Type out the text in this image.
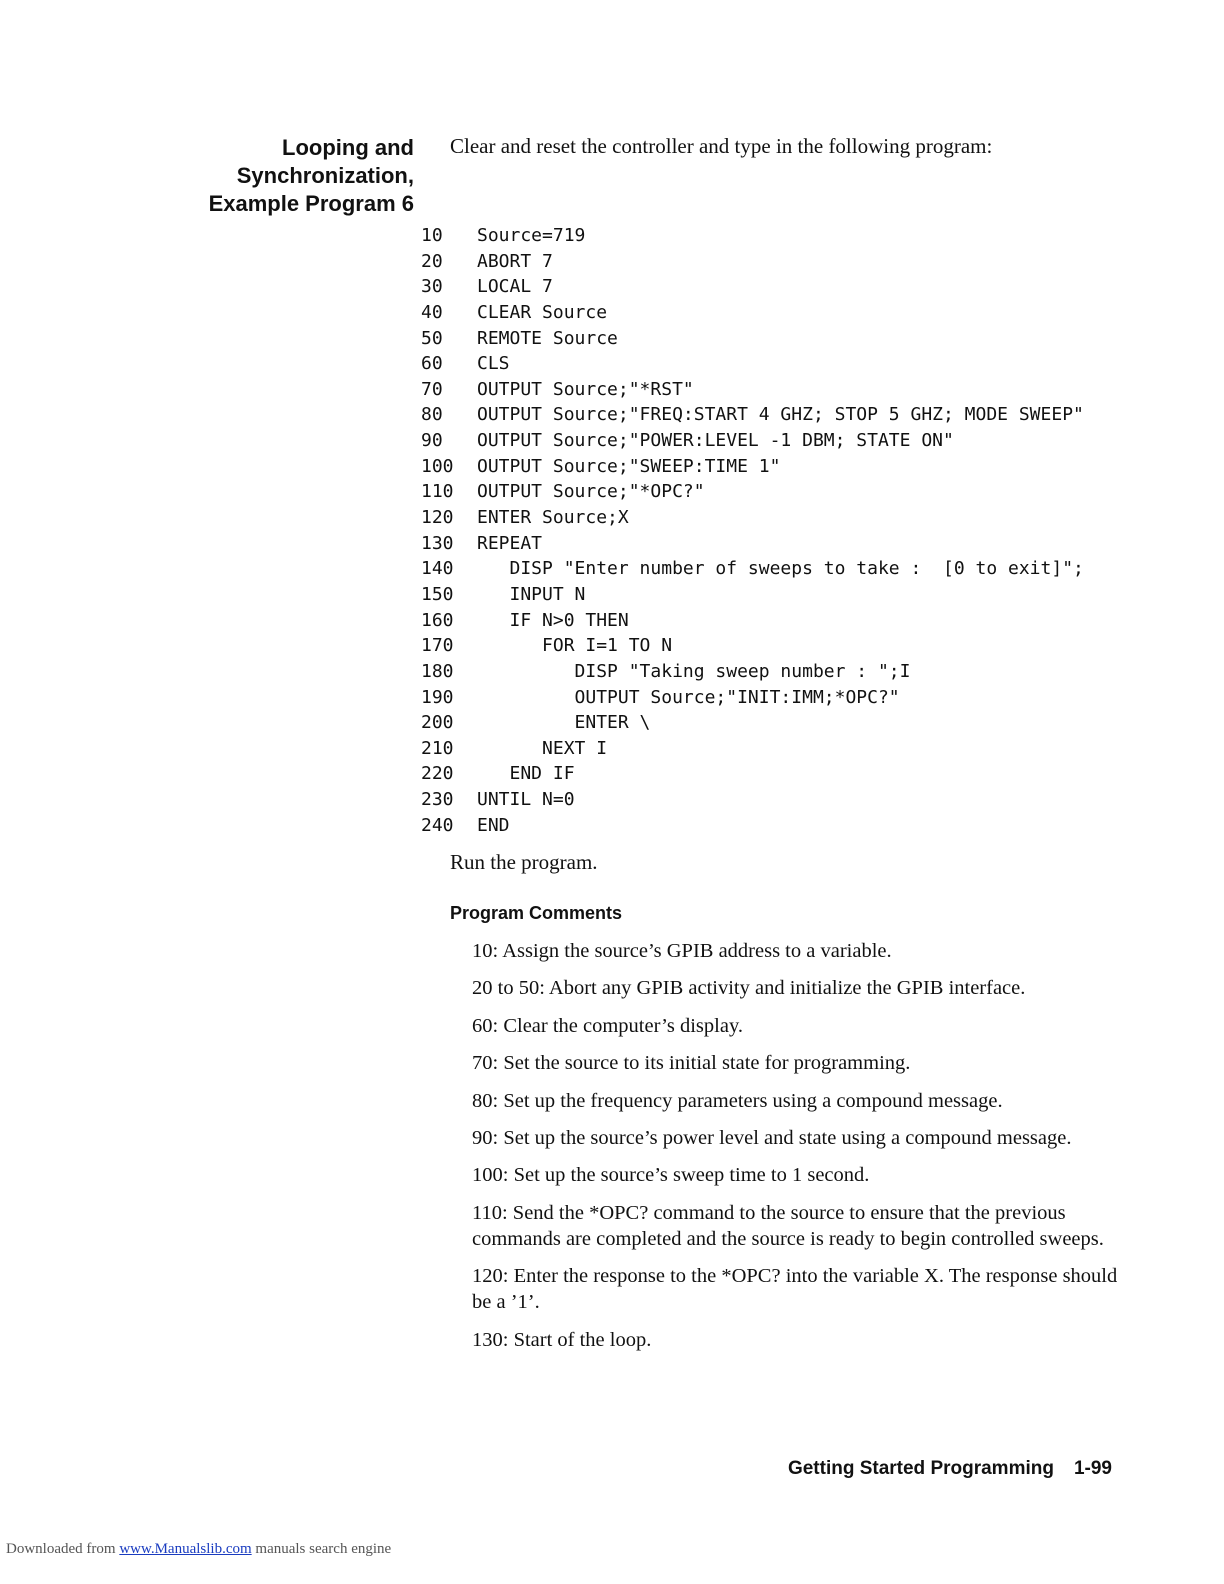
Looping and
Synchronization,
Example Program 6

Clear and reset the controller and type in the following program:

10 Source=719
20 ABORT 7
30 LOCAL 7
40 CLEAR Source
50 REMOTE Source
60 CLS
70 OUTPUT Source;"*RST"
80 OUTPUT Source;"FREQ:START 4 GHZ; STOP 5 GHZ; MODE SWEEP"
90 OUTPUT Source;"POWER:LEVEL -1 DBM; STATE ON"
100 OUTPUT Source;"SWEEP:TIME 1"
110 OUTPUT Source;"*OPC?"
120 ENTER Source;X
130 REPEAT
140 DISP "Enter number of sweeps to take :  [0 to exit]";
150 INPUT N
160 IF N>0 THEN
170 FOR I=1 TO N
180 DISP "Taking sweep number : ";I
190 OUTPUT Source;"INIT:IMM;*OPC?"
200 ENTER \
210 NEXT I
220 END IF
230 UNTIL N=0
240 END

Run the program.

Program Comments
10: Assign the source’s GPIB address to a variable.
20 to 50: Abort any GPIB activity and initialize the GPIB interface.
60: Clear the computer’s display.
70: Set the source to its initial state for programming.
80: Set up the frequency parameters using a compound message.
90: Set up the source’s power level and state using a compound message.
100: Set up the source’s sweep time to 1 second.
110: Send the *OPC? command to the source to ensure that the previous commands are completed and the source is ready to begin controlled sweeps.
120: Enter the response to the *OPC? into the variable X. The response should be a ’1’.
130: Start of the loop.
Getting Started Programming 1-99
Downloaded from www.Manualslib.com manuals search engine
